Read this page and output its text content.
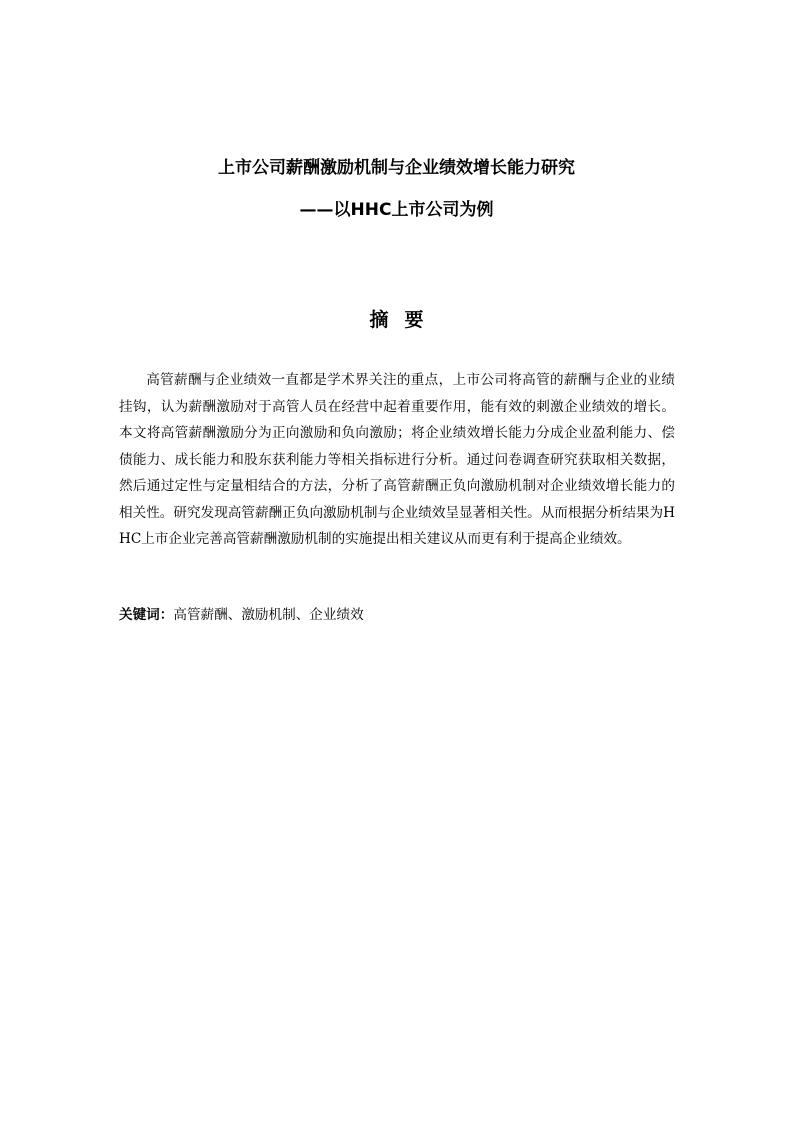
上市公司薪酬激励机制与企业绩效增长能力研究
——以HHC上市公司为例
摘要

高管薪酬与企业绩效一直都是学术界关注的重点，上市公司将高管的薪酬与企业的业绩挂钩，认为薪酬激励对于高管人员在经营中起着重要作用，能有效的刺激企业绩效的增长。本文将高管薪酬激励分为正向激励和负向激励；将企业绩效增长能力分成企业盈利能力、偿债能力、成长能力和股东获利能力等相关指标进行分析。通过问卷调查研究获取相关数据，然后通过定性与定量相结合的方法，分析了高管薪酬正负向激励机制对企业绩效增长能力的相关性。研究发现高管薪酬正负向激励机制与企业绩效呈显著相关性。从而根据分析结果为HHC上市企业完善高管薪酬激励机制的实施提出相关建议从而更有利于提高企业绩效。

关键词：高管薪酬、激励机制、企业绩效
